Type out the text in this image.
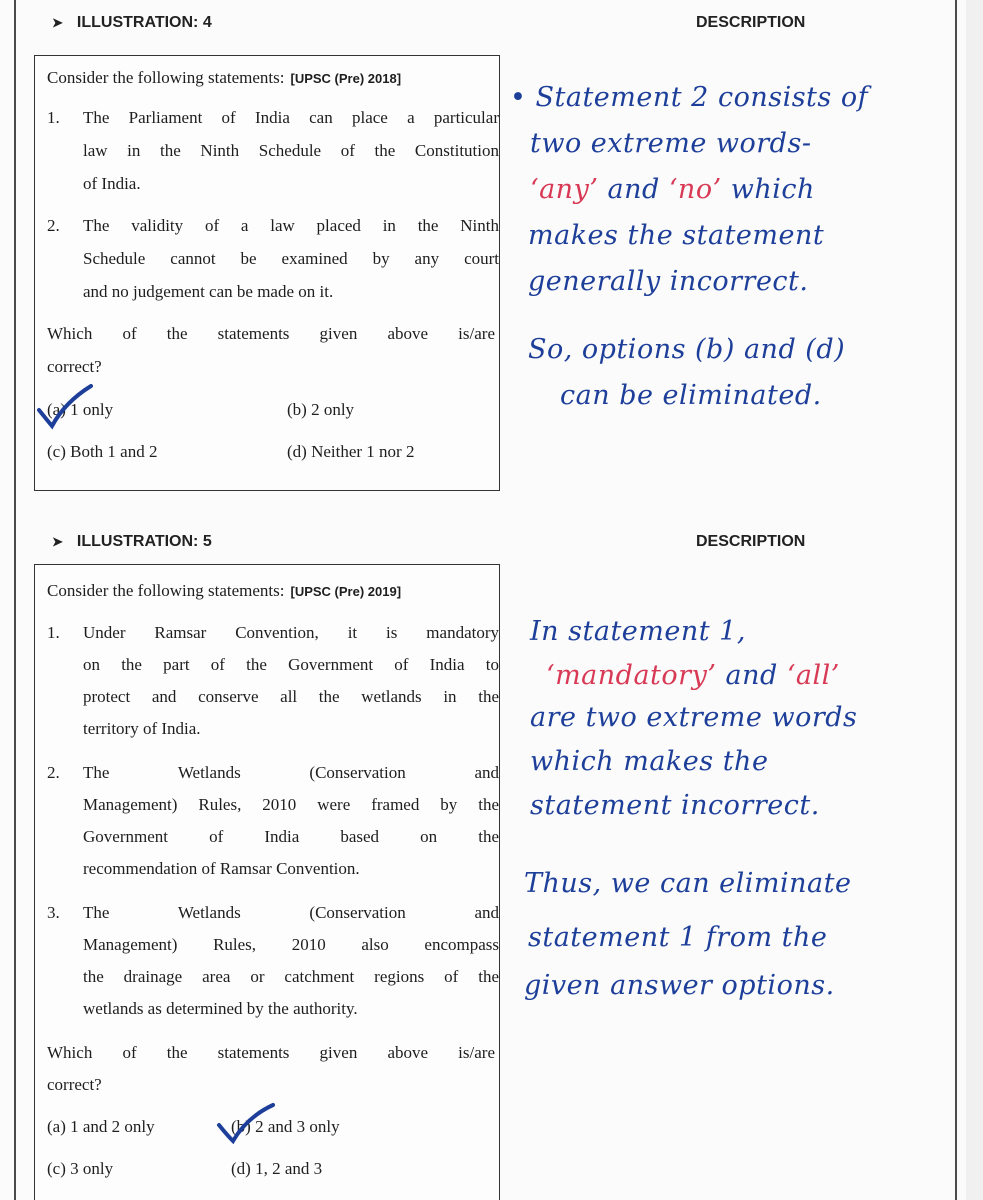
➤ ILLUSTRATION: 4	DESCRIPTION
Consider the following statements: [UPSC (Pre) 2018]
1. The Parliament of India can place a particular
law in the Ninth Schedule of the Constitution
of India.
2. The validity of a law placed in the Ninth
Schedule cannot be examined by any court
and no judgement can be made on it.
Which of the statements given above is/are
correct?
(a) 1 only	(b) 2 only
(c) Both 1 and 2	(d) Neither 1 nor 2
• Statement 2 consists of
two extreme words-
‘any’ and ‘no’ which
makes the statement
generally incorrect.
So, options (b) and (d)
can be eliminated.
➤ ILLUSTRATION: 5	DESCRIPTION
Consider the following statements: [UPSC (Pre) 2019]
1. Under Ramsar Convention, it is mandatory
on the part of the Government of India to
protect and conserve all the wetlands in the
territory of India.
2. The Wetlands (Conservation and
Management) Rules, 2010 were framed by the
Government of India based on the
recommendation of Ramsar Convention.
3. The Wetlands (Conservation and
Management) Rules, 2010 also encompass
the drainage area or catchment regions of the
wetlands as determined by the authority.
Which of the statements given above is/are
correct?
(a) 1 and 2 only	(b) 2 and 3 only
(c) 3 only	(d) 1, 2 and 3
In statement 1,
‘mandatory’ and ‘all’
are two extreme words
which makes the
statement incorrect.
Thus, we can eliminate
statement 1 from the
given answer options.
